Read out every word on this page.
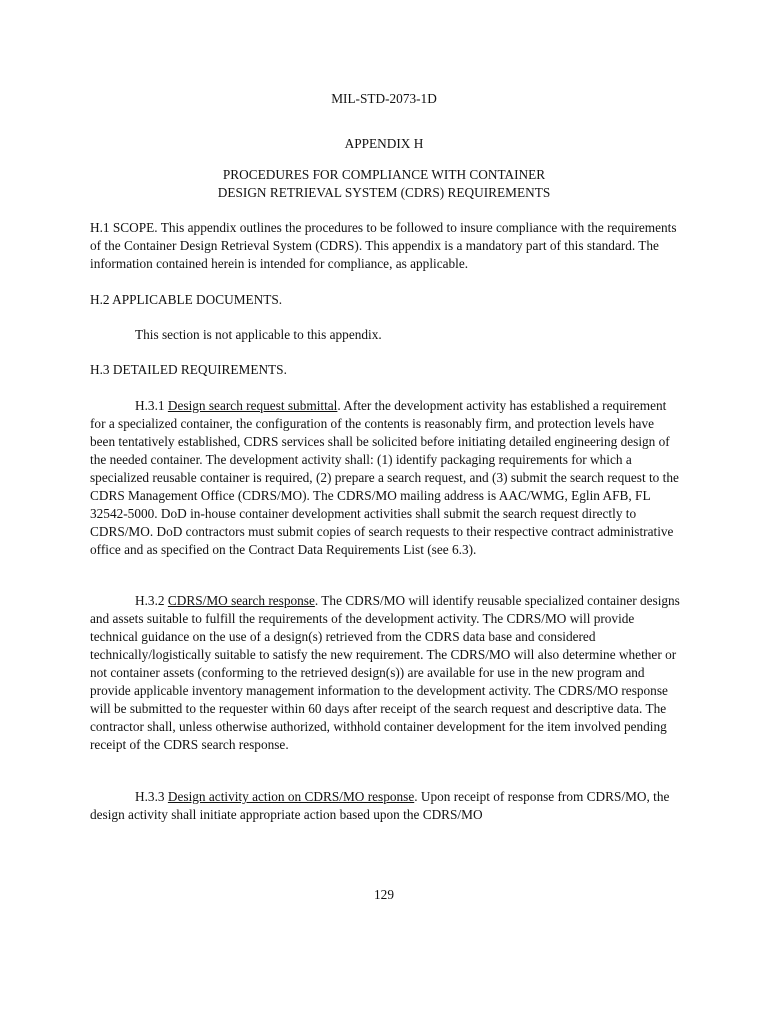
MIL-STD-2073-1D
APPENDIX H
PROCEDURES FOR COMPLIANCE WITH CONTAINER
DESIGN RETRIEVAL SYSTEM (CDRS) REQUIREMENTS

H.1 SCOPE. This appendix outlines the procedures to be followed to insure compliance with the requirements of the Container Design Retrieval System (CDRS). This appendix is a mandatory part of this standard. The information contained herein is intended for compliance, as applicable.

H.2 APPLICABLE DOCUMENTS.

This section is not applicable to this appendix.

H.3 DETAILED REQUIREMENTS.

H.3.1 Design search request submittal. After the development activity has established a requirement for a specialized container, the configuration of the contents is reasonably firm, and protection levels have been tentatively established, CDRS services shall be solicited before initiating detailed engineering design of the needed container. The development activity shall: (1) identify packaging requirements for which a specialized reusable container is required, (2) prepare a search request, and (3) submit the search request to the CDRS Management Office (CDRS/MO). The CDRS/MO mailing address is AAC/WMG, Eglin AFB, FL 32542-5000. DoD in-house container development activities shall submit the search request directly to CDRS/MO. DoD contractors must submit copies of search requests to their respective contract administrative office and as specified on the Contract Data Requirements List (see 6.3).

H.3.2 CDRS/MO search response. The CDRS/MO will identify reusable specialized container designs and assets suitable to fulfill the requirements of the development activity. The CDRS/MO will provide technical guidance on the use of a design(s) retrieved from the CDRS data base and considered technically/logistically suitable to satisfy the new requirement. The CDRS/MO will also determine whether or not container assets (conforming to the retrieved design(s)) are available for use in the new program and provide applicable inventory management information to the development activity. The CDRS/MO response will be submitted to the requester within 60 days after receipt of the search request and descriptive data. The contractor shall, unless otherwise authorized, withhold container development for the item involved pending receipt of the CDRS search response.

H.3.3 Design activity action on CDRS/MO response. Upon receipt of response from CDRS/MO, the design activity shall initiate appropriate action based upon the CDRS/MO

129
